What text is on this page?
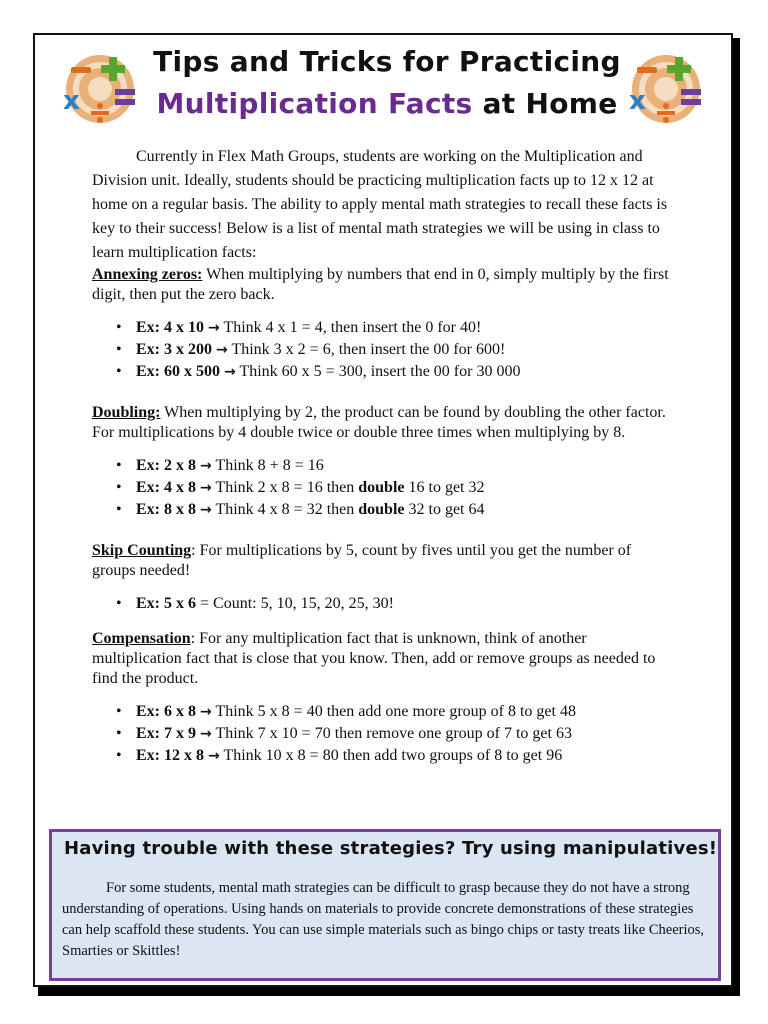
x	x
Tips and Tricks for Practicing
Multiplication Facts at Home

Currently in Flex Math Groups, students are working on the Multiplication and Division unit. Ideally, students should be practicing multiplication facts up to 12 x 12 at home on a regular basis. The ability to apply mental math strategies to recall these facts is key to their success! Below is a list of mental math strategies we will be using in class to learn multiplication facts:

Annexing zeros: When multiplying by numbers that end in 0, simply multiply by the first digit, then put the zero back.

• Ex: 4 x 10 → Think 4 x 1 = 4, then insert the 0 for 40!
• Ex: 3 x 200 → Think 3 x 2 = 6, then insert the 00 for 600!
• Ex: 60 x 500 → Think 60 x 5 = 300, insert the 00 for 30 000

Doubling: When multiplying by 2, the product can be found by doubling the other factor. For multiplications by 4 double twice or double three times when multiplying by 8.

• Ex: 2 x 8 → Think 8 + 8 = 16
• Ex: 4 x 8 → Think 2 x 8 = 16 then double 16 to get 32
• Ex: 8 x 8 → Think 4 x 8 = 32 then double 32 to get 64

Skip Counting: For multiplications by 5, count by fives until you get the number of groups needed!

• Ex: 5 x 6 = Count: 5, 10, 15, 20, 25, 30!

Compensation: For any multiplication fact that is unknown, think of another multiplication fact that is close that you know. Then, add or remove groups as needed to find the product.

• Ex: 6 x 8 → Think 5 x 8 = 40 then add one more group of 8 to get 48
• Ex: 7 x 9 → Think 7 x 10 = 70 then remove one group of 7 to get 63
• Ex: 12 x 8 → Think 10 x 8 = 80 then add two groups of 8 to get 96
Having trouble with these strategies? Try using manipulatives!

For some students, mental math strategies can be difficult to grasp because they do not have a strong understanding of operations. Using hands on materials to provide concrete demonstrations of these strategies can help scaffold these students. You can use simple materials such as bingo chips or tasty treats like Cheerios, Smarties or Skittles!
